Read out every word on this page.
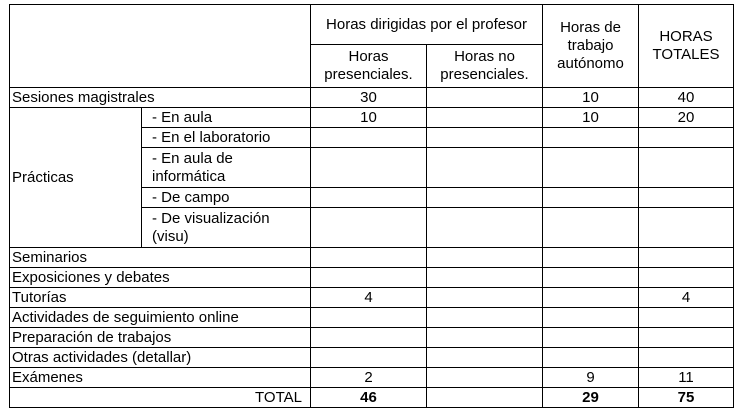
		Horas dirigidas por el profesor		Horas de trabajo autónomo	HORAS TOTALES
		Horas presenciales.	Horas no presenciales.		
Sesiones magistrales		30		10	40
Prácticas	- En aula	10		10	20
	- En el laboratorio				
	- En aula de informática				
	- De campo				
	- De visualización (visu)				
Seminarios					
Exposiciones y debates					
Tutorías		4			4
Actividades de seguimiento online					
Preparación de trabajos					
Otras actividades (detallar)					
Exámenes		2		9	11
TOTAL		46		29	75
